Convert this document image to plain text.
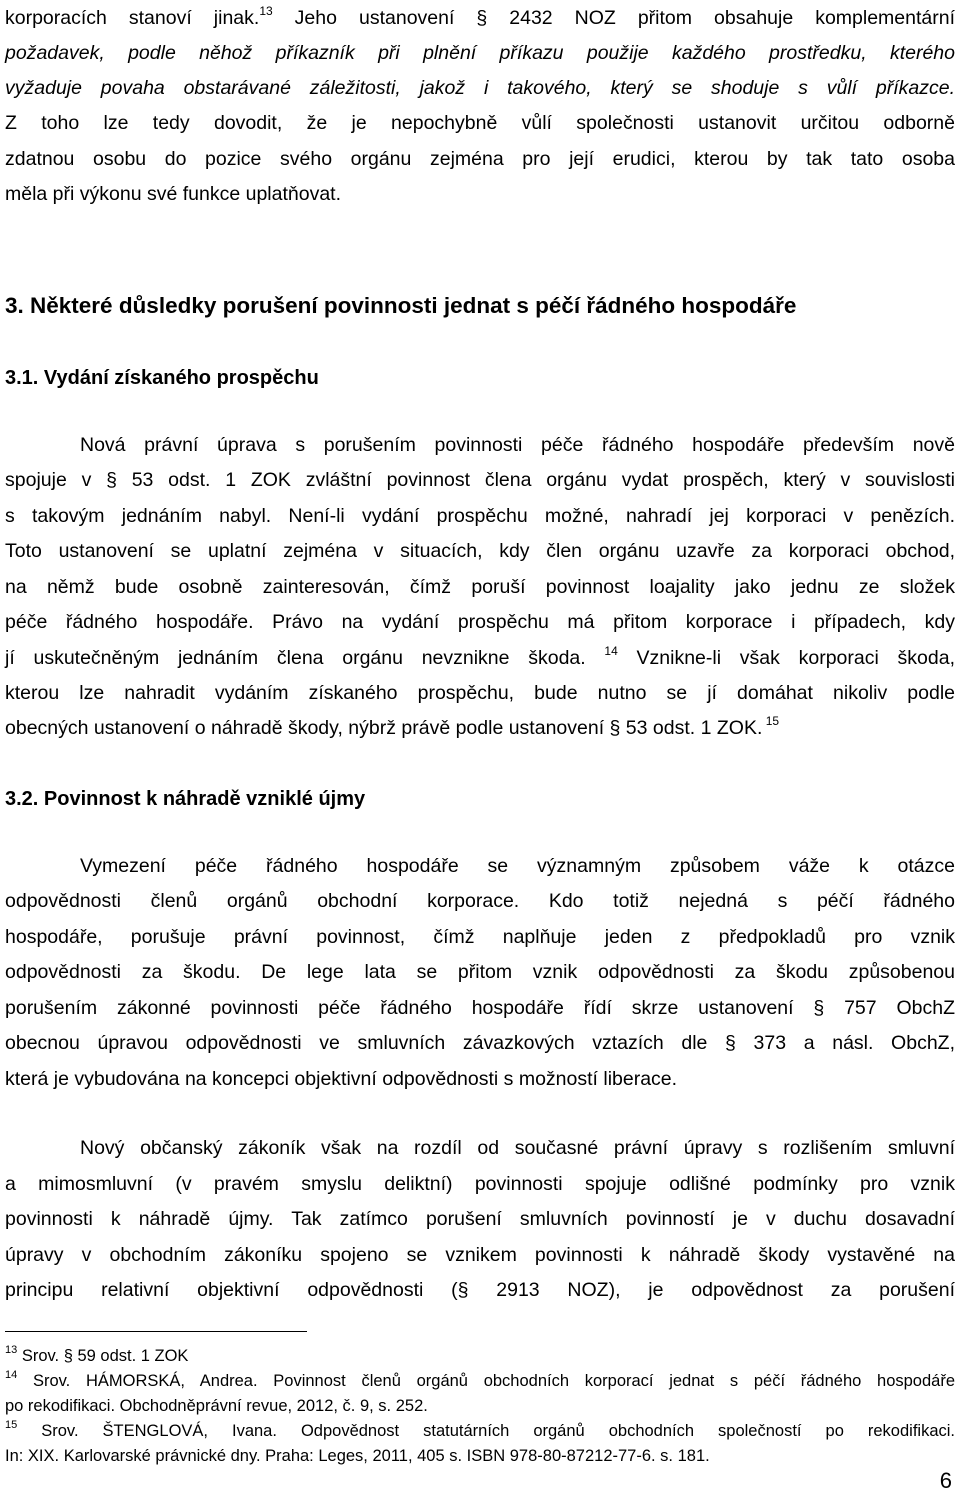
korporacích stanoví jinak.$^{13}$ Jeho ustanovení § 2432 NOZ přitom obsahuje komplementární
požadavek, podle něhož příkazník při plnění příkazu použije každého prostředku, kterého
vyžaduje povaha obstarávané záležitosti, jakož i takového, který se shoduje s vůlí příkazce.
Z toho lze tedy dovodit, že je nepochybně vůlí společnosti ustanovit určitou odborně
zdatnou osobu do pozice svého orgánu zejména pro její erudici, kterou by tak tato osoba
měla při výkonu své funkce uplatňovat.
3. Některé důsledky porušení povinnosti jednat s péčí řádného hospodáře
3.1. Vydání získaného prospěchu
Nová právní úprava s porušením povinnosti péče řádného hospodáře především nově
spojuje v § 53 odst. 1 ZOK zvláštní povinnost člena orgánu vydat prospěch, který v souvislosti
s takovým jednáním nabyl. Není-li vydání prospěchu možné, nahradí jej korporaci v penězích.
Toto ustanovení se uplatní zejména v situacích, kdy člen orgánu uzavře za korporaci obchod,
na němž bude osobně zainteresován, čímž poruší povinnost loajality jako jednu ze složek
péče řádného hospodáře. Právo na vydání prospěchu má přitom korporace i případech, kdy
jí uskutečněným jednáním člena orgánu nevznikne škoda. $^{14}$ Vznikne-li však korporaci škoda,
kterou lze nahradit vydáním získaného prospěchu, bude nutno se jí domáhat nikoliv podle
obecných ustanovení o náhradě škody, nýbrž právě podle ustanovení § 53 odst. 1 ZOK. $^{15}$
3.2. Povinnost k náhradě vzniklé újmy
Vymezení péče řádného hospodáře se významným způsobem váže k otázce
odpovědnosti členů orgánů obchodní korporace. Kdo totiž nejedná s péčí řádného
hospodáře, porušuje právní povinnost, čímž naplňuje jeden z předpokladů pro vznik
odpovědnosti za škodu. De lege lata se přitom vznik odpovědnosti za škodu způsobenou
porušením zákonné povinnosti péče řádného hospodáře řídí skrze ustanovení § 757 ObchZ
obecnou úpravou odpovědnosti ve smluvních závazkových vztazích dle § 373 a násl. ObchZ,
která je vybudována na koncepci objektivní odpovědnosti s možností liberace.
Nový občanský zákoník však na rozdíl od současné právní úpravy s rozlišením smluvní
a mimosmluvní (v pravém smyslu deliktní) povinnosti spojuje odlišné podmínky pro vznik
povinnosti k náhradě újmy. Tak zatímco porušení smluvních povinností je v duchu dosavadní
úpravy v obchodním zákoníku spojeno se vznikem povinnosti k náhradě škody vystavěné na
principu relativní objektivní odpovědnosti (§ 2913 NOZ), je odpovědnost za porušení
$^{13}$ Srov. § 59 odst. 1 ZOK
$^{14}$ Srov. HÁMORSKÁ, Andrea. Povinnost členů orgánů obchodních korporací jednat s péčí řádného hospodáře
po rekodifikaci. Obchodněprávní revue, 2012, č. 9, s. 252.
$^{15}$ Srov. ŠTENGLOVÁ, Ivana. Odpovědnost statutárních orgánů obchodních společností po rekodifikaci.
In: XIX. Karlovarské právnické dny. Praha: Leges, 2011, 405 s. ISBN 978-80-87212-77-6. s. 181.
6
